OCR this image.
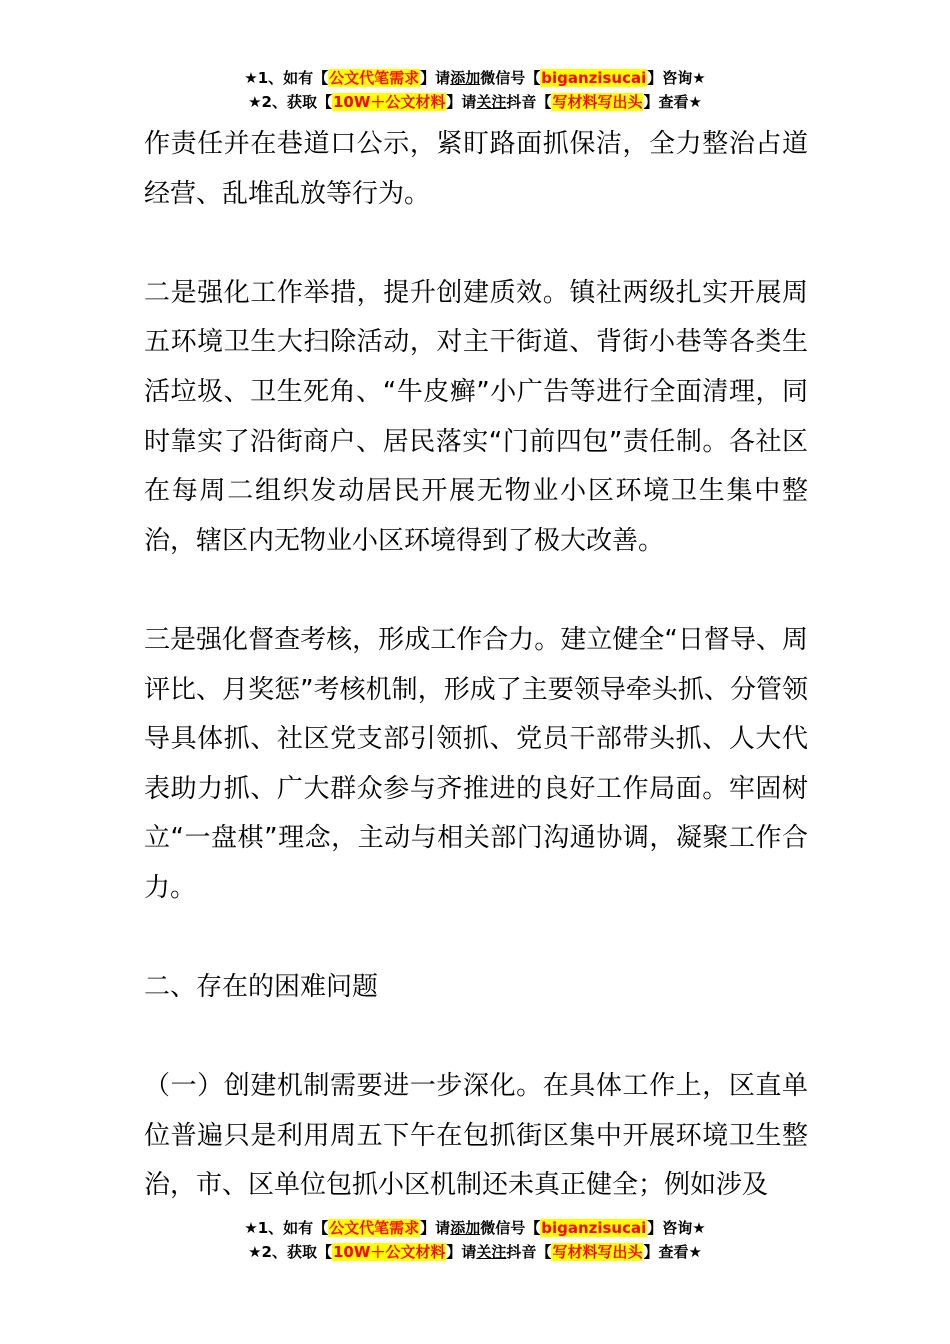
★1、如有【公文代笔需求】请添加微信号【biganzisucai】咨询★
★2、获取【10W＋公文材料】请关注抖音【写材料写出头】查看★

作责任并在巷道口公示，紧盯路面抓保洁，全力整治占道经营、乱堆乱放等行为。

二是强化工作举措，提升创建质效。镇社两级扎实开展周五环境卫生大扫除活动，对主干街道、背街小巷等各类生活垃圾、卫生死角、“牛皮癣”小广告等进行全面清理，同时靠实了沿街商户、居民落实“门前四包”责任制。各社区在每周二组织发动居民开展无物业小区环境卫生集中整治，辖区内无物业小区环境得到了极大改善。

三是强化督查考核，形成工作合力。建立健全“日督导、周评比、月奖惩”考核机制，形成了主要领导牵头抓、分管领导具体抓、社区党支部引领抓、党员干部带头抓、人大代表助力抓、广大群众参与齐推进的良好工作局面。牢固树立“一盘棋”理念，主动与相关部门沟通协调，凝聚工作合力。

二、存在的困难问题

（一）创建机制需要进一步深化。在具体工作上，区直单位普遍只是利用周五下午在包抓街区集中开展环境卫生整治，市、区单位包抓小区机制还未真正健全；例如涉及

★1、如有【公文代笔需求】请添加微信号【biganzisucai】咨询★
★2、获取【10W＋公文材料】请关注抖音【写材料写出头】查看★
